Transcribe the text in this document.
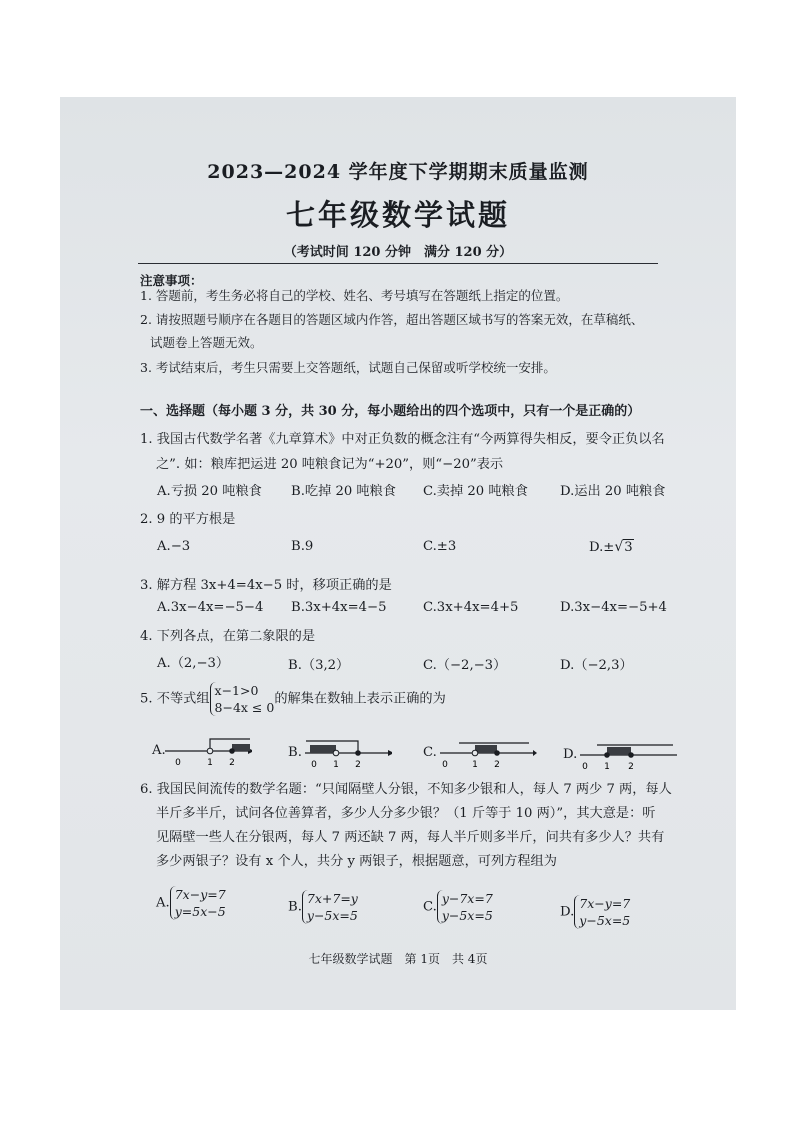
2023—2024 学年度下学期期末质量监测
七年级数学试题
（考试时间 120 分钟　满分 120 分）
注意事项：
1. 答题前，考生务必将自己的学校、姓名、考号填写在答题纸上指定的位置。
2. 请按照题号顺序在各题目的答题区域内作答，超出答题区域书写的答案无效，在草稿纸、
试题卷上答题无效。
3. 考试结束后，考生只需要上交答题纸，试题自己保留或听学校统一安排。
一、选择题（每小题 3 分，共 30 分，每小题给出的四个选项中，只有一个是正确的）
1. 我国古代数学名著《九章算术》中对正负数的概念注有“今两算得失相反，要令正负以名
之”. 如：粮库把运进 20 吨粮食记为“+20”，则“−20”表示
A.亏损 20 吨粮食 B.吃掉 20 吨粮食 C.卖掉 20 吨粮食 D.运出 20 吨粮食
2. 9 的平方根是
A.−3	B.9	C.±3	D.±√3
3. 解方程 3x+4=4x−5 时，移项正确的是
A.3x−4x=−5−4 B.3x+4x=4−5	C.3x+4x=4+5	D.3x−4x=−5+4
4. 下列各点，在第二象限的是
A.（2,−3）	B.（3,2）	C.（−2,−3）	D.（−2,3）
5. 不等式组
x−1>0
8−4x ≤ 0
的解集在数轴上表示正确的为
A.
0	1 2
B.
0 1 2
C.
0	1 2
D.
0 1 2
6. 我国民间流传的数学名题：“只闻隔壁人分银，不知多少银和人，每人 7 两少 7 两，每人
半斤多半斤，试问各位善算者，多少人分多少银？（1 斤等于 10 两）”，其大意是：听
见隔壁一些人在分银两，每人 7 两还缺 7 两，每人半斤则多半斤，问共有多少人？共有
多少两银子？设有 x 个人，共分 y 两银子，根据题意，可列方程组为
A.
7x−y=7
y=5x−5	B.
7x+7=y
y−5x=5
C.
y−7x=7
y−5x=5	D.
7x−y=7
y−5x=5
七年级数学试题　第 1页　共 4页
